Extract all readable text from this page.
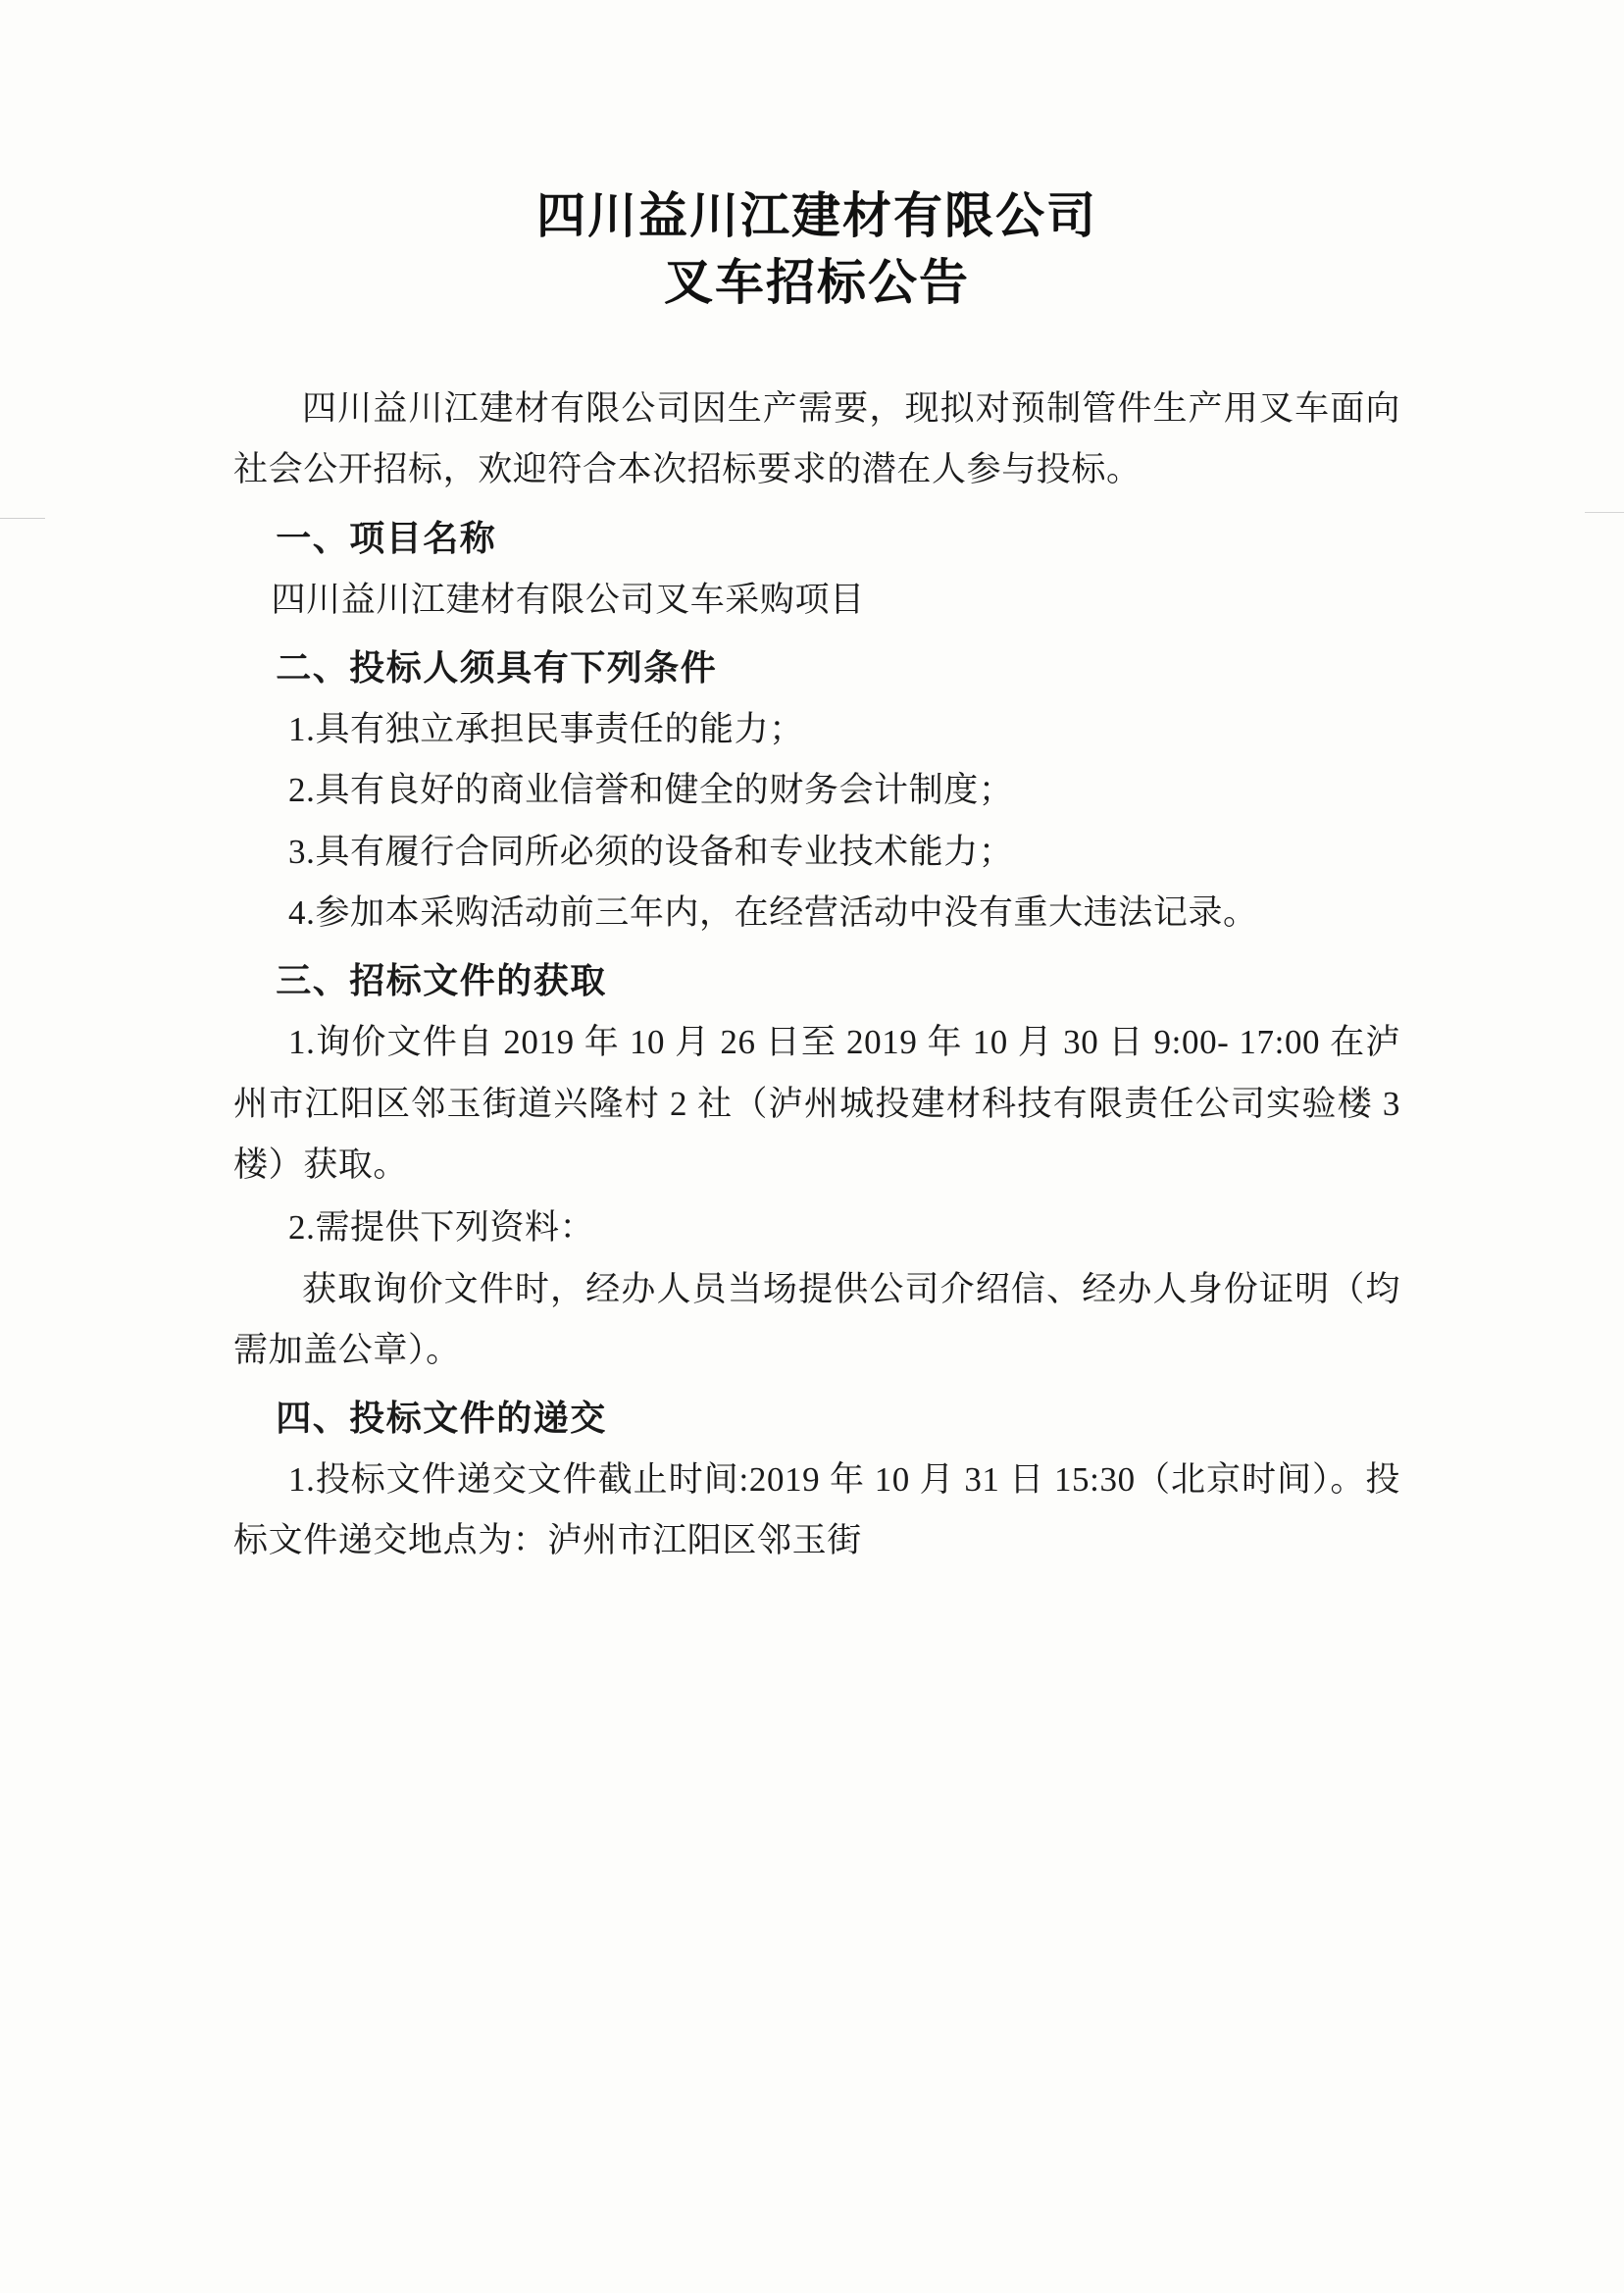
四川益川江建材有限公司
叉车招标公告

四川益川江建材有限公司因生产需要，现拟对预制管件生产用叉车面向社会公开招标，欢迎符合本次招标要求的潜在人参与投标。

一、项目名称

四川益川江建材有限公司叉车采购项目

二、投标人须具有下列条件

1.具有独立承担民事责任的能力；

2.具有良好的商业信誉和健全的财务会计制度；

3.具有履行合同所必须的设备和专业技术能力；

4.参加本采购活动前三年内，在经营活动中没有重大违法记录。

三、招标文件的获取

1.询价文件自 2019 年 10 月 26 日至 2019 年 10 月 30 日 9:00- 17:00 在泸州市江阳区邻玉街道兴隆村 2 社（泸州城投建材科技有限责任公司实验楼 3 楼）获取。

2.需提供下列资料：

获取询价文件时，经办人员当场提供公司介绍信、经办人身份证明（均需加盖公章）。

四、投标文件的递交

1.投标文件递交文件截止时间:2019 年 10 月 31 日 15:30（北京时间）。投标文件递交地点为：泸州市江阳区邻玉街
